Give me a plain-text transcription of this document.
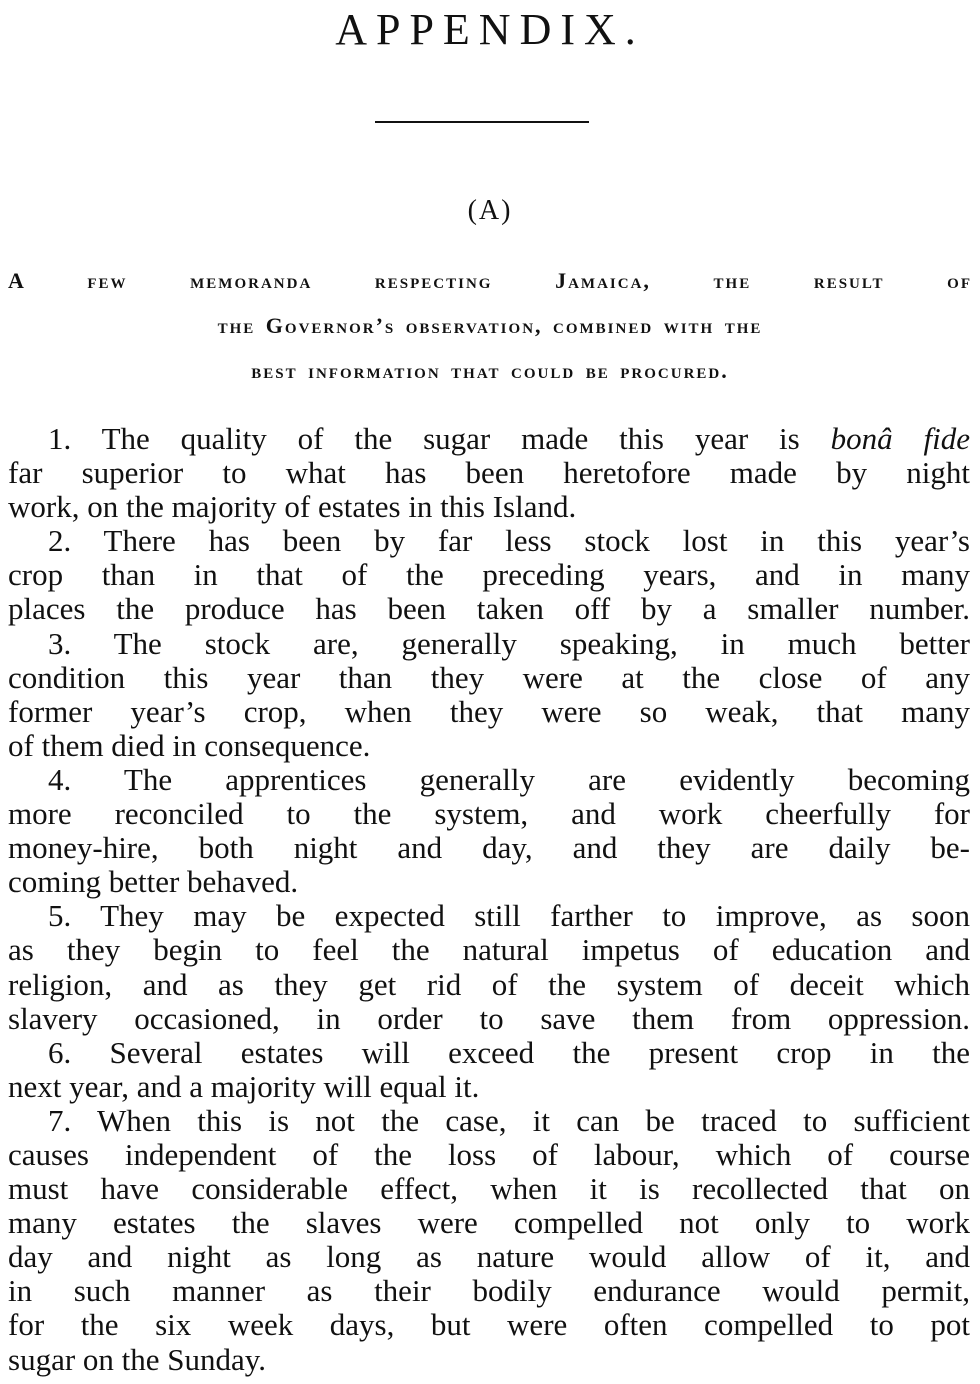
APPENDIX.
(A)
A few memoranda respecting Jamaica, the result of
the Governor’s observation, combined with the
best information that could be procured.

1. The quality of the sugar made this year is bonâ fide
far superior to what has been heretofore made by night
work, on the majority of estates in this Island.

2. There has been by far less stock lost in this year’s
crop than in that of the preceding years, and in many
places the produce has been taken off by a smaller number.

3. The stock are, generally speaking, in much better
condition this year than they were at the close of any
former year’s crop, when they were so weak, that many
of them died in consequence.

4. The apprentices generally are evidently becoming
more reconciled to the system, and work cheerfully for
money-hire, both night and day, and they are daily be-
coming better behaved.

5. They may be expected still farther to improve, as soon
as they begin to feel the natural impetus of education and
religion, and as they get rid of the system of deceit which
slavery occasioned, in order to save them from oppression.

6. Several estates will exceed the present crop in the
next year, and a majority will equal it.

7. When this is not the case, it can be traced to sufficient
causes independent of the loss of labour, which of course
must have considerable effect, when it is recollected that on
many estates the slaves were compelled not only to work
day and night as long as nature would allow of it, and
in such manner as their bodily endurance would permit,
for the six week days, but were often compelled to pot
sugar on the Sunday.
